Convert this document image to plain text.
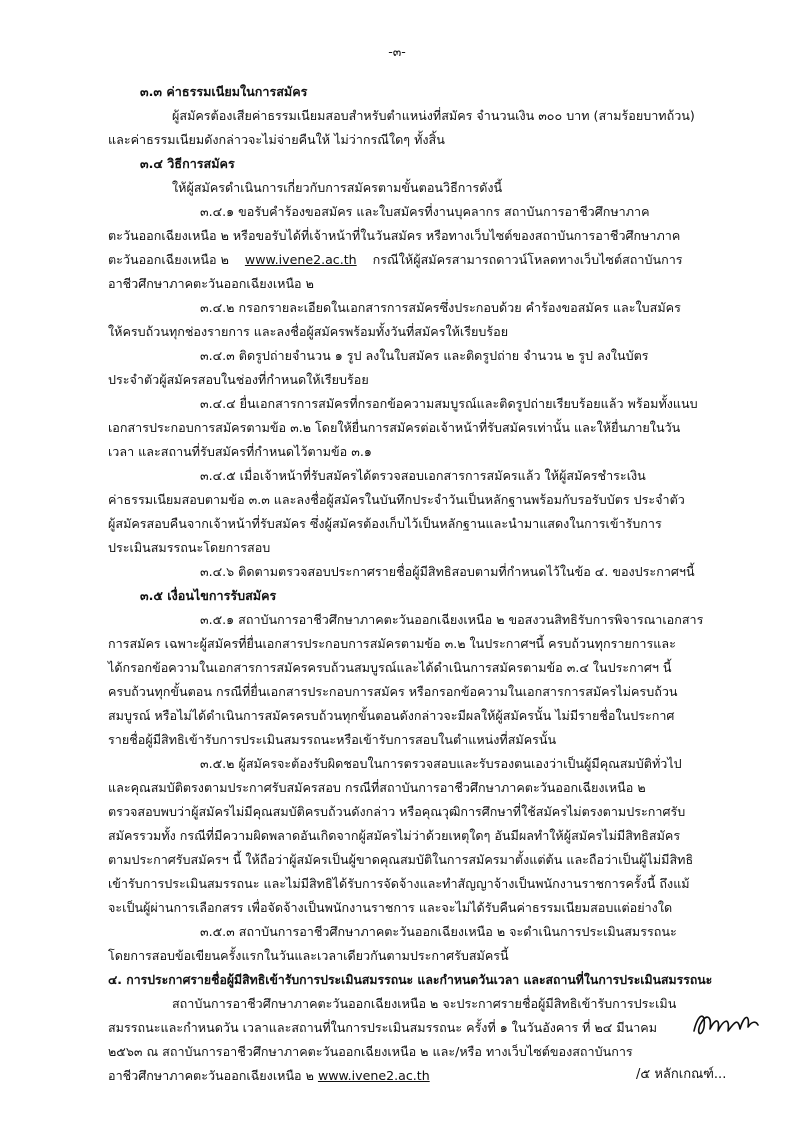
-๓-
๓.๓ ค่าธรรมเนียมในการสมัคร
ผู้สมัครต้องเสียค่าธรรมเนียมสอบสำหรับตำแหน่งที่สมัคร จำนวนเงิน ๓๐๐ บาท (สามร้อยบาทถ้วน)
และค่าธรรมเนียมดังกล่าวจะไม่จ่ายคืนให้ ไม่ว่ากรณีใดๆ ทั้งสิ้น
๓.๔ วิธีการสมัคร
ให้ผู้สมัครดำเนินการเกี่ยวกับการสมัครตามขั้นตอนวิธีการดังนี้
๓.๔.๑ ขอรับคำร้องขอสมัคร และใบสมัครที่งานบุคลากร สถาบันการอาชีวศึกษาภาค
ตะวันออกเฉียงเหนือ ๒ หรือขอรับได้ที่เจ้าหน้าที่ในวันสมัคร หรือทางเว็บไซต์ของสถาบันการอาชีวศึกษาภาค
ตะวันออกเฉียงเหนือ ๒ www.ivene2.ac.th กรณีให้ผู้สมัครสามารถดาวน์โหลดทางเว็บไซต์สถาบันการ
อาชีวศึกษาภาคตะวันออกเฉียงเหนือ ๒
๓.๔.๒ กรอกรายละเอียดในเอกสารการสมัครซึ่งประกอบด้วย คำร้องขอสมัคร และใบสมัคร
ให้ครบถ้วนทุกช่องรายการ และลงชื่อผู้สมัครพร้อมทั้งวันที่สมัครให้เรียบร้อย
๓.๔.๓ ติดรูปถ่ายจำนวน ๑ รูป ลงในใบสมัคร และติดรูปถ่าย จำนวน ๒ รูป ลงในบัตร
ประจำตัวผู้สมัครสอบในช่องที่กำหนดให้เรียบร้อย
๓.๔.๔ ยื่นเอกสารการสมัครที่กรอกข้อความสมบูรณ์และติดรูปถ่ายเรียบร้อยแล้ว พร้อมทั้งแนบ
เอกสารประกอบการสมัครตามข้อ ๓.๒ โดยให้ยื่นการสมัครต่อเจ้าหน้าที่รับสมัครเท่านั้น และให้ยื่นภายในวัน
เวลา และสถานที่รับสมัครที่กำหนดไว้ตามข้อ ๓.๑
๓.๔.๕ เมื่อเจ้าหน้าที่รับสมัครได้ตรวจสอบเอกสารการสมัครแล้ว ให้ผู้สมัครชำระเงิน
ค่าธรรมเนียมสอบตามข้อ ๓.๓ และลงชื่อผู้สมัครในบันทึกประจำวันเป็นหลักฐานพร้อมกับรอรับบัตร ประจำตัว
ผู้สมัครสอบคืนจากเจ้าหน้าที่รับสมัคร ซึ่งผู้สมัครต้องเก็บไว้เป็นหลักฐานและนำมาแสดงในการเข้ารับการ
ประเมินสมรรถนะโดยการสอบ
๓.๔.๖ ติดตามตรวจสอบประกาศรายชื่อผู้มีสิทธิสอบตามที่กำหนดไว้ในข้อ ๔. ของประกาศฯนี้
๓.๕ เงื่อนไขการรับสมัคร
๓.๕.๑ สถาบันการอาชีวศึกษาภาคตะวันออกเฉียงเหนือ ๒ ขอสงวนสิทธิรับการพิจารณาเอกสาร
การสมัคร เฉพาะผู้สมัครที่ยื่นเอกสารประกอบการสมัครตามข้อ ๓.๒ ในประกาศฯนี้ ครบถ้วนทุกรายการและ
ได้กรอกข้อความในเอกสารการสมัครครบถ้วนสมบูรณ์และได้ดำเนินการสมัครตามข้อ ๓.๔ ในประกาศฯ นี้
ครบถ้วนทุกขั้นตอน กรณีที่ยื่นเอกสารประกอบการสมัคร หรือกรอกข้อความในเอกสารการสมัครไม่ครบถ้วน
สมบูรณ์ หรือไม่ได้ดำเนินการสมัครครบถ้วนทุกขั้นตอนดังกล่าวจะมีผลให้ผู้สมัครนั้น ไม่มีรายชื่อในประกาศ
รายชื่อผู้มีสิทธิเข้ารับการประเมินสมรรถนะหรือเข้ารับการสอบในตำแหน่งที่สมัครนั้น
๓.๕.๒ ผู้สมัครจะต้องรับผิดชอบในการตรวจสอบและรับรองตนเองว่าเป็นผู้มีคุณสมบัติทั่วไป
และคุณสมบัติตรงตามประกาศรับสมัครสอบ กรณีที่สถาบันการอาชีวศึกษาภาคตะวันออกเฉียงเหนือ ๒
ตรวจสอบพบว่าผู้สมัครไม่มีคุณสมบัติครบถ้วนดังกล่าว หรือคุณวุฒิการศึกษาที่ใช้สมัครไม่ตรงตามประกาศรับ
สมัครรวมทั้ง กรณีที่มีความผิดพลาดอันเกิดจากผู้สมัครไม่ว่าด้วยเหตุใดๆ อันมีผลทำให้ผู้สมัครไม่มีสิทธิสมัคร
ตามประกาศรับสมัครฯ นี้ ให้ถือว่าผู้สมัครเป็นผู้ขาดคุณสมบัติในการสมัครมาตั้งแต่ต้น และถือว่าเป็นผู้ไม่มีสิทธิ
เข้ารับการประเมินสมรรถนะ และไม่มีสิทธิได้รับการจัดจ้างและทำสัญญาจ้างเป็นพนักงานราชการครั้งนี้ ถึงแม้
จะเป็นผู้ผ่านการเลือกสรร เพื่อจัดจ้างเป็นพนักงานราชการ และจะไม่ได้รับคืนค่าธรรมเนียมสอบแต่อย่างใด
๓.๕.๓ สถาบันการอาชีวศึกษาภาคตะวันออกเฉียงเหนือ ๒ จะดำเนินการประเมินสมรรถนะ
โดยการสอบข้อเขียนครั้งแรกในวันและเวลาเดียวกันตามประกาศรับสมัครนี้
๔. การประกาศรายชื่อผู้มีสิทธิเข้ารับการประเมินสมรรถนะ และกำหนดวันเวลา และสถานที่ในการประเมินสมรรถนะ
สถาบันการอาชีวศึกษาภาคตะวันออกเฉียงเหนือ ๒ จะประกาศรายชื่อผู้มีสิทธิเข้ารับการประเมิน
สมรรถนะและกำหนดวัน เวลาและสถานที่ในการประเมินสมรรถนะ ครั้งที่ ๑ ในวันอังคาร ที่ ๒๔ มีนาคม
๒๕๖๓ ณ สถาบันการอาชีวศึกษาภาคตะวันออกเฉียงเหนือ ๒ และ/หรือ ทางเว็บไซต์ของสถาบันการ
อาชีวศึกษาภาคตะวันออกเฉียงเหนือ ๒ www.ivene2.ac.th	/๕ หลักเกณฑ์...
